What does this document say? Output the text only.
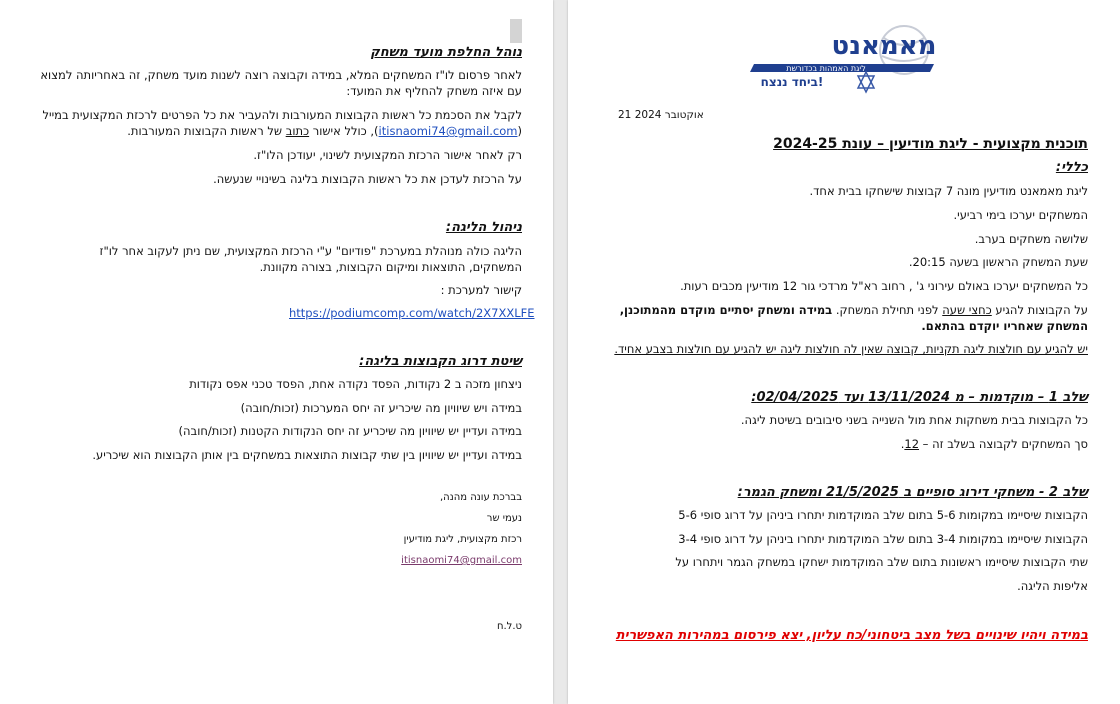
נוהל החלפת מועד משחק
לאחר פרסום לו"ז המשחקים המלא, במידה וקבוצה רוצה לשנות מועד משחק, זה באחריותה למצוא עם איזה משחק להחליף את המועד:
לקבל את הסכמת כל ראשות הקבוצות המעורבות ולהעביר את כל הפרטים לרכזת המקצועית במייל (itisnaomi74@gmail.com), כולל אישור כתוב של ראשות הקבוצות המעורבות.
רק לאחר אישור הרכזת המקצועית לשינוי, יעודכן הלו"ז.
על הרכזת לעדכן את כל ראשות הקבוצות בליגה בשינויי שנעשה.
ניהול הליגה:
הליגה כולה מנוהלת במערכת "פודיום" ע"י הרכזת המקצועית, שם ניתן לעקוב אחר לו"ז המשחקים, התוצאות ומיקום הקבוצות, בצורה מקוונת.
קישור למערכת :
https://podiumcomp.com/watch/2X7XXLFE
שיטת דרוג הקבוצות בליגה:
ניצחון מזכה ב 2 נקודות, הפסד נקודה אחת, הפסד טכני אפס נקודות
במידה ויש שיוויון מה שיכריע זה יחס המערכות (זכות/חובה)
במידה ועדיין יש שיוויון מה שיכריע זה יחס הנקודות הקטנות (זכות/חובה)
במידה ועדיין יש שיוויון בין שתי קבוצות התוצאות במשחקים בין אותן הקבוצות הוא שיכריע.
בברכת עונה מהנה,
נעמי שר
רכזת מקצועית, ליגת מודיעין
itisnaomi74@gmail.com
ט.ל.ח
מאמאנט
ליגת האמהות בכדורשת
ביחד ננצח!
21 אוקטובר 2024
תוכנית מקצועית - ליגת מודיעין – עונת 2024-25
כללי:
ליגת מאמאנט מודיעין מונה 7 קבוצות שישחקו בבית אחד.
המשחקים יערכו בימי רביעי.
שלושה משחקים בערב.
שעת המשחק הראשון בשעה 20:15.
כל המשחקים יערכו באולם עירוני ג' , רחוב רא"ל מרדכי גור 12 מודיעין מכבים רעות.
על הקבוצות להגיע כחצי שעה לפני תחילת המשחק. במידה ומשחק יסתיים מוקדם מהמתוכנן, המשחק שאחריו יוקדם בהתאם.
יש להגיע עם חולצות ליגה תקניות, קבוצה שאין לה חולצות ליגה יש להגיע עם חולצות בצבע אחיד.
שלב 1 – מוקדמות – מ 13/11/2024 ועד 02/04/2025:
כל הקבוצות בבית משחקות אחת מול השנייה בשני סיבובים בשיטת ליגה.
סך המשחקים לקבוצה בשלב זה – 12.
שלב 2 - משחקי דירוג סופיים ב 21/5/2025 ומשחק הגמר:
הקבוצות שיסיימו במקומות 5-6 בתום שלב המוקדמות יתחרו ביניהן על דרוג סופי 5-6
הקבוצות שיסיימו במקומות 3-4 בתום שלב המוקדמות יתחרו ביניהן על דרוג סופי 3-4
שתי הקבוצות שיסיימו ראשונות בתום שלב המוקדמות ישחקו במשחק הגמר ויתחרו על
אליפות הליגה.
במידה ויהיו שינויים בשל מצב ביטחוני/כח עליון, יצא פירסום במהירות האפשרית
